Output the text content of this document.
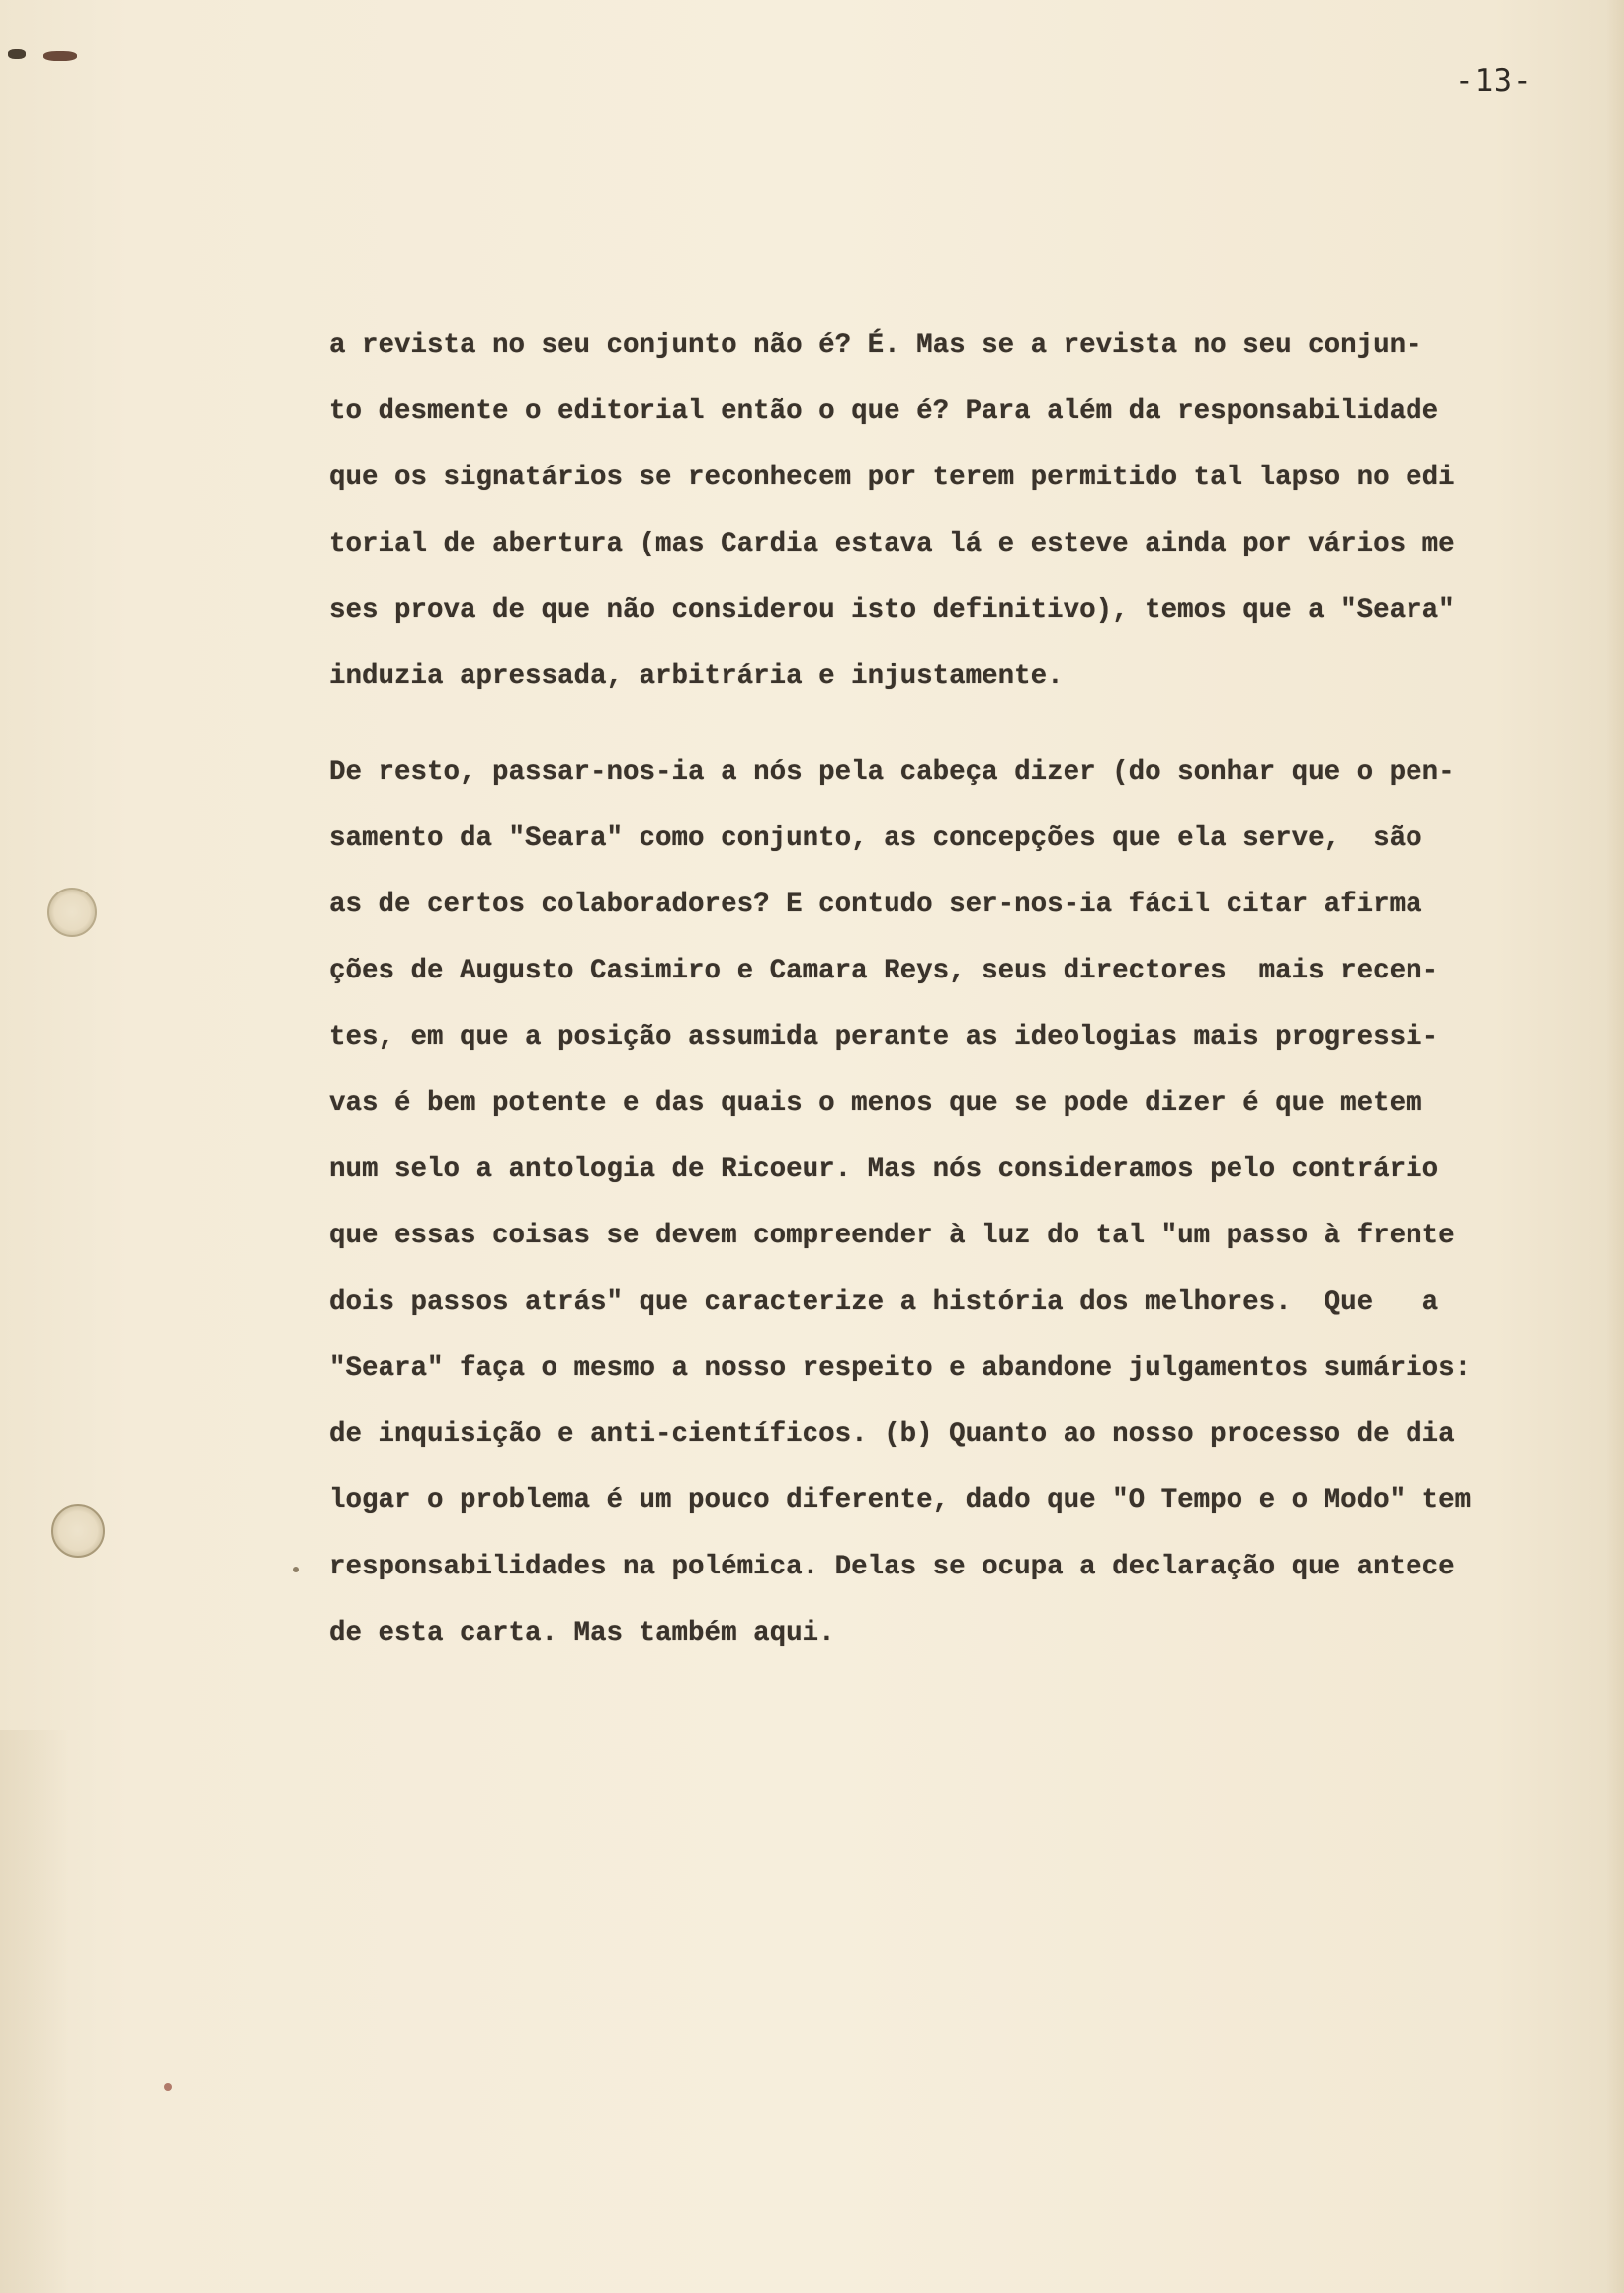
-13-
a revista no seu conjunto não é? É. Mas se a revista no seu conjun-
to desmente o editorial então o que é? Para além da responsabilidade
que os signatários se reconhecem por terem permitido tal lapso no edi
torial de abertura (mas Cardia estava lá e esteve ainda por vários me
ses prova de que não considerou isto definitivo), temos que a "Seara"
induzia apressada, arbitrária e injustamente.
De resto, passar-nos-ia a nós pela cabeça dizer (do sonhar que o pen-
samento da "Seara" como conjunto, as concepções que ela serve,  são
as de certos colaboradores? E contudo ser-nos-ia fácil citar afirma
ções de Augusto Casimiro e Camara Reys, seus directores  mais recen-
tes, em que a posição assumida perante as ideologias mais progressi-
vas é bem potente e das quais o menos que se pode dizer é que metem
num selo a antologia de Ricoeur. Mas nós consideramos pelo contrário
que essas coisas se devem compreender à luz do tal "um passo à frente
dois passos atrás" que caracterize a história dos melhores.  Que   a
"Seara" faça o mesmo a nosso respeito e abandone julgamentos sumários:
de inquisição e anti-científicos. (b) Quanto ao nosso processo de dia
logar o problema é um pouco diferente, dado que "O Tempo e o Modo" tem
responsabilidades na polémica. Delas se ocupa a declaração que antece
de esta carta. Mas também aqui.
